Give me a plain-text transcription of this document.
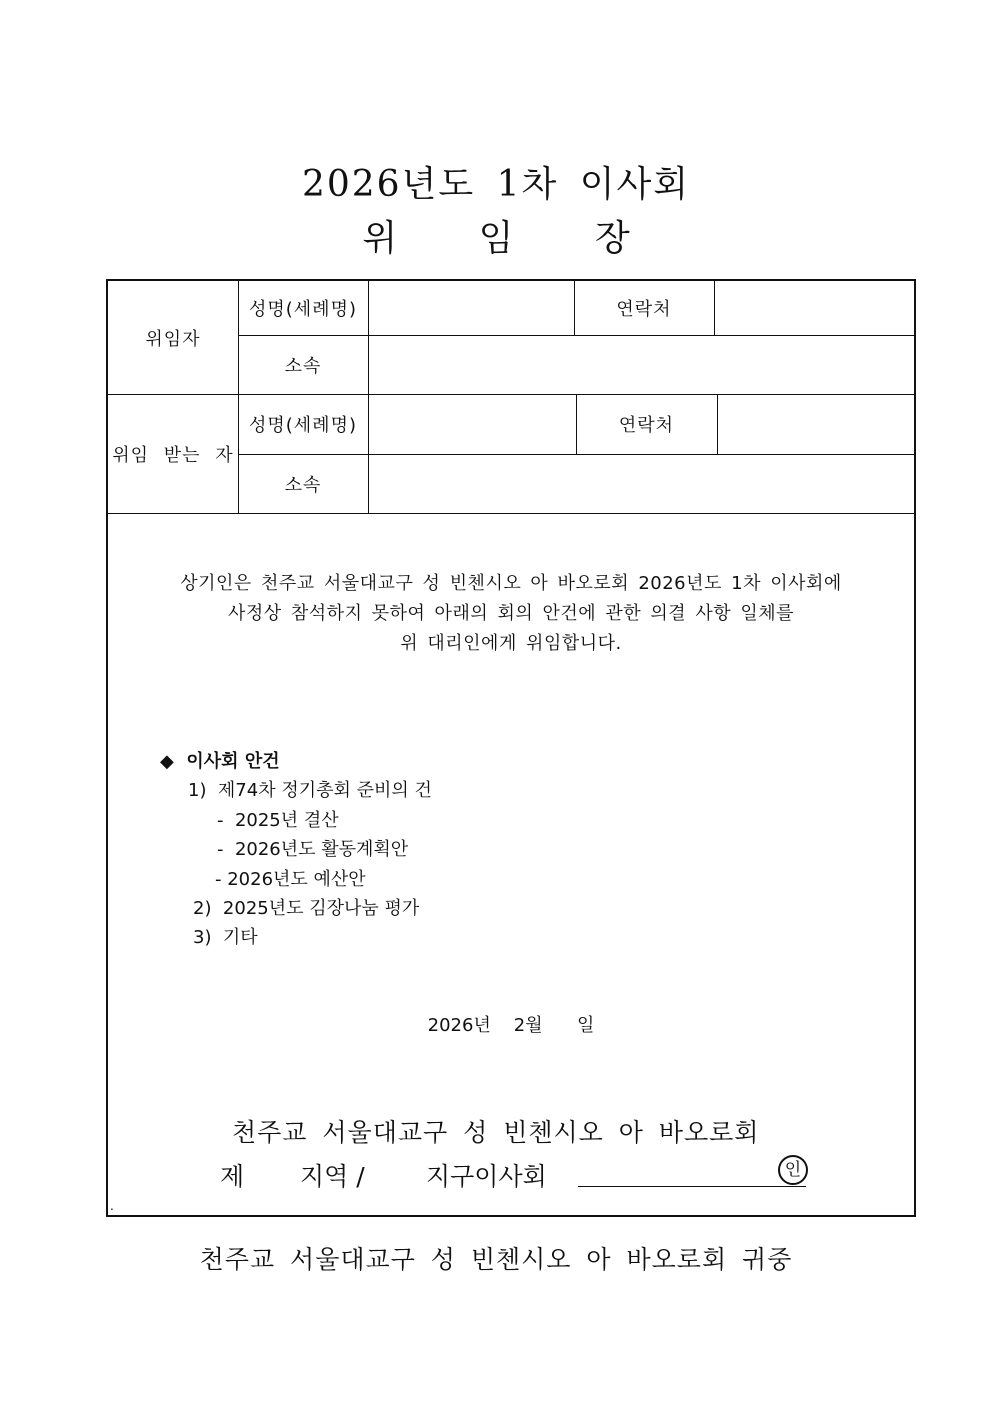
2026년도 1차 이사회
위 임 장
위임자
성명(세례명)	연락처
소속
위임 받는 자
성명(세례명)	연락처
소속
상기인은 천주교 서울대교구 성 빈첸시오 아 바오로회 2026년도 1차 이사회에
사정상 참석하지 못하여 아래의 회의 안건에 관한 의결 사항 일체를
위 대리인에게 위임합니다.
◆ 이사회 안건
1)  제74차 정기총회 준비의 건
-  2025년 결산
-  2026년도 활동계획안
- 2026년도 예산안
2)  2025년도 김장나눔 평가
3)  기타
2026년 2월 일
천주교 서울대교구 성 빈첸시오 아 바오로회
제 지역 / 지구이사회	인
.
천주교 서울대교구 성 빈첸시오 아 바오로회 귀중
